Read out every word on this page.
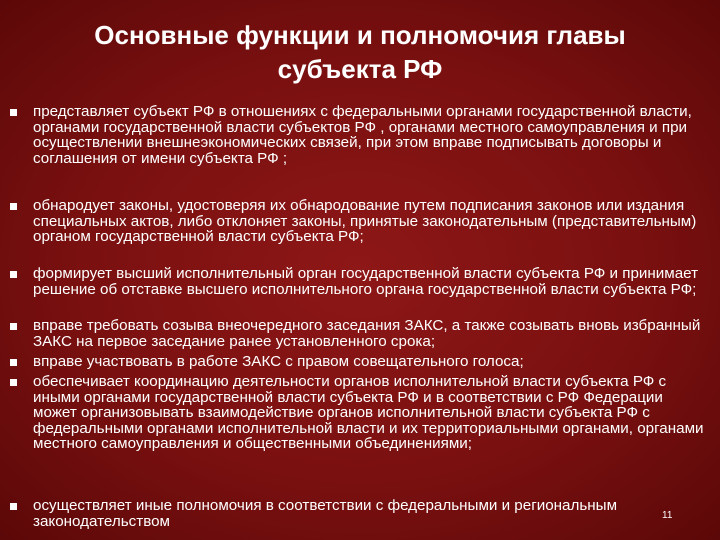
Основные функции и полномочия главы
субъекта РФ
представляет субъект РФ в отношениях с федеральными органами государственной власти, органами государственной власти субъектов РФ , органами местного самоуправления и при осуществлении внешнеэкономических связей, при этом вправе подписывать договоры и соглашения от имени субъекта РФ ;
обнародует законы, удостоверяя их обнародование путем подписания законов или издания специальных актов, либо отклоняет законы, принятые законодательным (представительным) органом государственной власти субъекта РФ;
формирует высший исполнительный орган государственной власти субъекта РФ и принимает решение об отставке высшего исполнительного органа государственной власти субъекта РФ;
вправе требовать созыва внеочередного заседания ЗАКС, а также созывать вновь избранный ЗАКС на первое заседание ранее установленного срока;
вправе участвовать в работе ЗАКС с правом совещательного голоса;
обеспечивает координацию деятельности органов исполнительной власти субъекта РФ с иными органами государственной власти субъекта РФ и в соответствии с РФ Федерации может организовывать взаимодействие органов исполнительной власти субъекта РФ с федеральными органами исполнительной власти и их территориальными органами, органами местного самоуправления и общественными объединениями;
осуществляет иные полномочия в соответствии с федеральными и региональным законодательством	11
